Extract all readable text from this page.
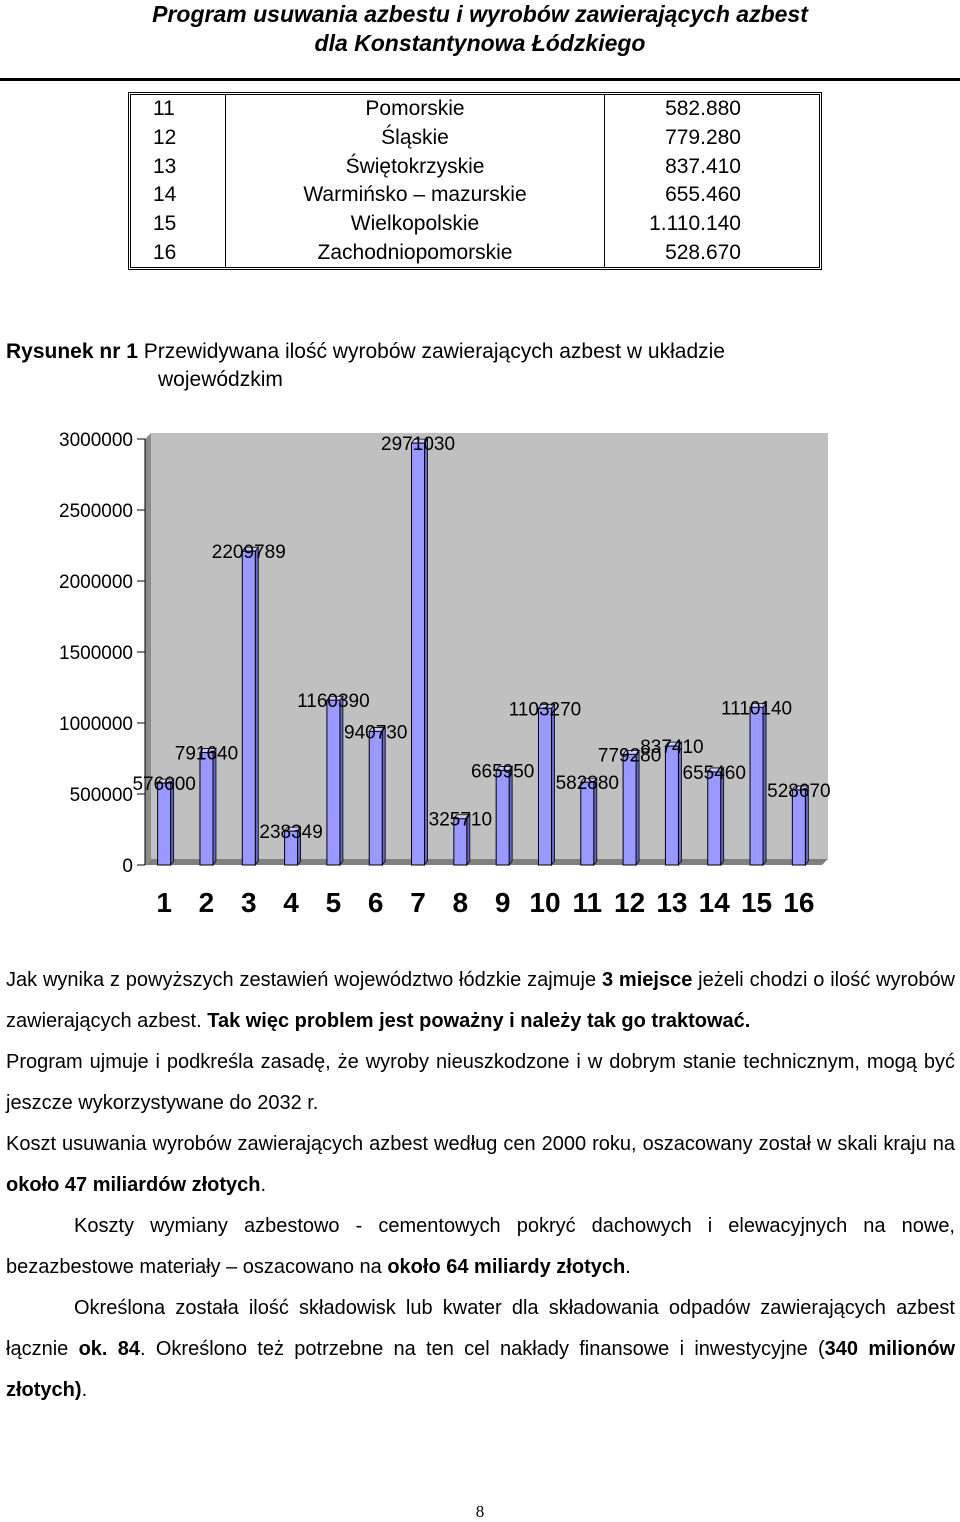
Program usuwania azbestu i wyrobów zawierających azbest
dla Konstantynowa Łódzkiego
11	Pomorskie	582.880
12	Śląskie	779.280
13	Świętokrzyskie	837.410
14	Warmińsko – mazurskie	655.460
15	Wielkopolskie	1.110.140
16	Zachodniopomorskie	528.670
Rysunek nr 1 Przewidywana ilość wyrobów zawierających azbest w układzie
wojewódzkim
0
500000
1000000
1500000
2000000
2500000
3000000
576600
1
791640
2
2209789
3
238349
4
1160390
5
940730
6
2971030
7
325710
8
665950
9
1103270
10
582880
11
779280
12
837410
13
655460
14
1110140
15
528670
16

Jak wynika z powyższych zestawień województwo łódzkie zajmuje 3 miejsce jeżeli chodzi o ilość wyrobów zawierających azbest. Tak więc problem jest poważny i należy tak go traktować.

Program ujmuje i podkreśla zasadę, że wyroby nieuszkodzone i w dobrym stanie technicznym, mogą być jeszcze wykorzystywane do 2032 r.

Koszt usuwania wyrobów zawierających azbest według cen 2000 roku, oszacowany został w skali kraju na około 47 miliardów złotych.

Koszty wymiany azbestowo - cementowych pokryć dachowych i elewacyjnych na nowe, bezazbestowe materiały – oszacowano na około 64 miliardy złotych.

Określona została ilość składowisk lub kwater dla składowania odpadów zawierających azbest łącznie ok. 84. Określono też potrzebne na ten cel nakłady finansowe i inwestycyjne (340 milionów złotych).

8
